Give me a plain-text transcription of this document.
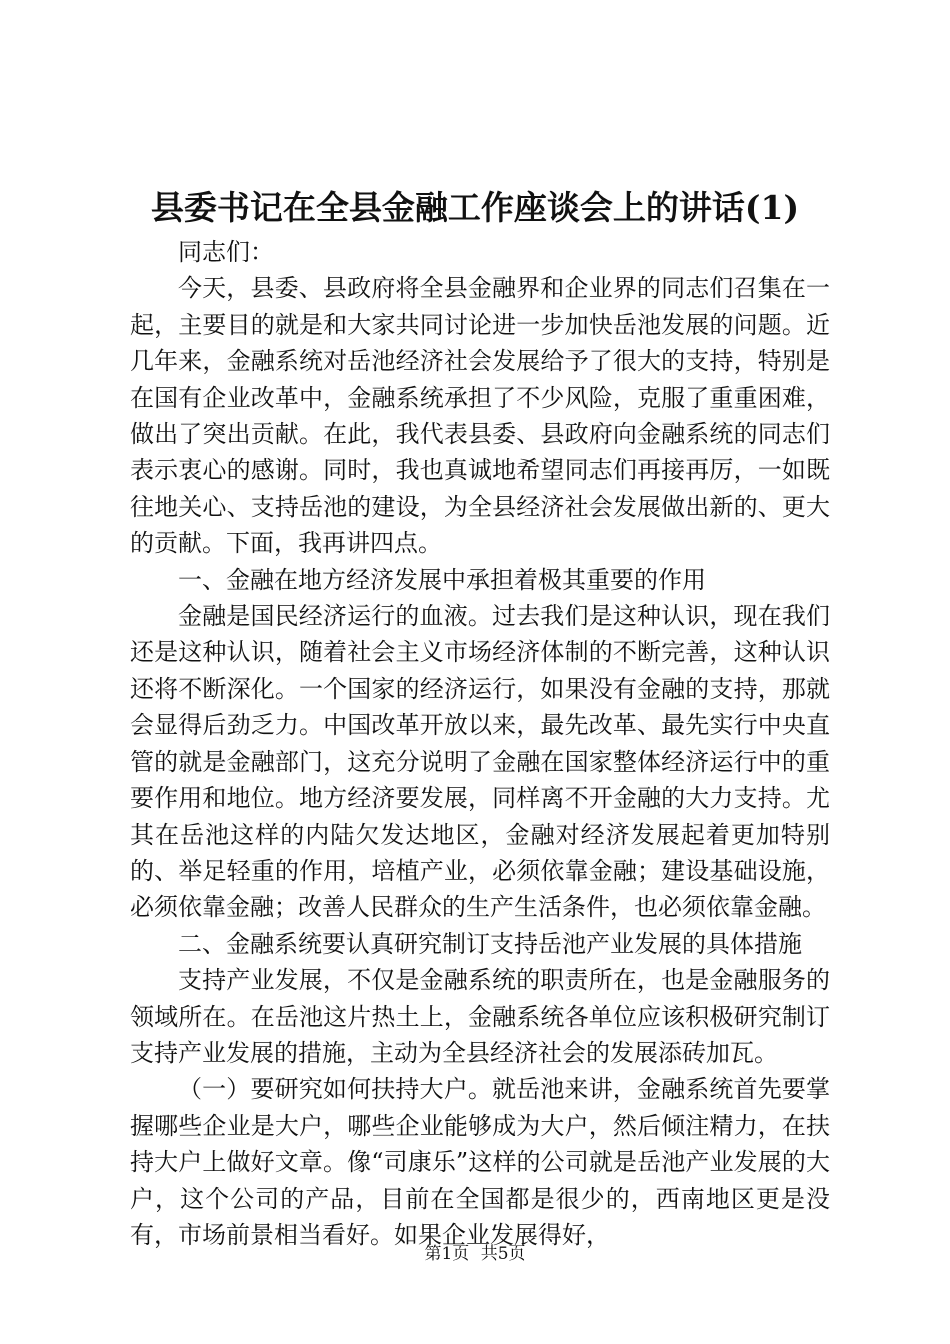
县委书记在全县金融工作座谈会上的讲话(1)

同志们：

今天，县委、县政府将全县金融界和企业界的同志们召集在一起，主要目的就是和大家共同讨论进一步加快岳池发展的问题。近几年来，金融系统对岳池经济社会发展给予了很大的支持，特别是在国有企业改革中，金融系统承担了不少风险，克服了重重困难，做出了突出贡献。在此，我代表县委、县政府向金融系统的同志们表示衷心的感谢。同时，我也真诚地希望同志们再接再厉，一如既往地关心、支持岳池的建设，为全县经济社会发展做出新的、更大的贡献。下面，我再讲四点。

一、金融在地方经济发展中承担着极其重要的作用

金融是国民经济运行的血液。过去我们是这种认识，现在我们还是这种认识，随着社会主义市场经济体制的不断完善，这种认识还将不断深化。一个国家的经济运行，如果没有金融的支持，那就会显得后劲乏力。中国改革开放以来，最先改革、最先实行中央直管的就是金融部门，这充分说明了金融在国家整体经济运行中的重要作用和地位。地方经济要发展，同样离不开金融的大力支持。尤其在岳池这样的内陆欠发达地区，金融对经济发展起着更加特别的、举足轻重的作用，培植产业，必须依靠金融；建设基础设施，必须依靠金融；改善人民群众的生产生活条件，也必须依靠金融。

二、金融系统要认真研究制订支持岳池产业发展的具体措施

支持产业发展，不仅是金融系统的职责所在，也是金融服务的领域所在。在岳池这片热土上，金融系统各单位应该积极研究制订支持产业发展的措施，主动为全县经济社会的发展添砖加瓦。

（一）要研究如何扶持大户。就岳池来讲，金融系统首先要掌握哪些企业是大户，哪些企业能够成为大户，然后倾注精力，在扶持大户上做好文章。像“司康乐”这样的公司就是岳池产业发展的大户，这个公司的产品，目前在全国都是很少的，西南地区更是没有，市场前景相当看好。如果企业发展得好，

第1页 共5页
